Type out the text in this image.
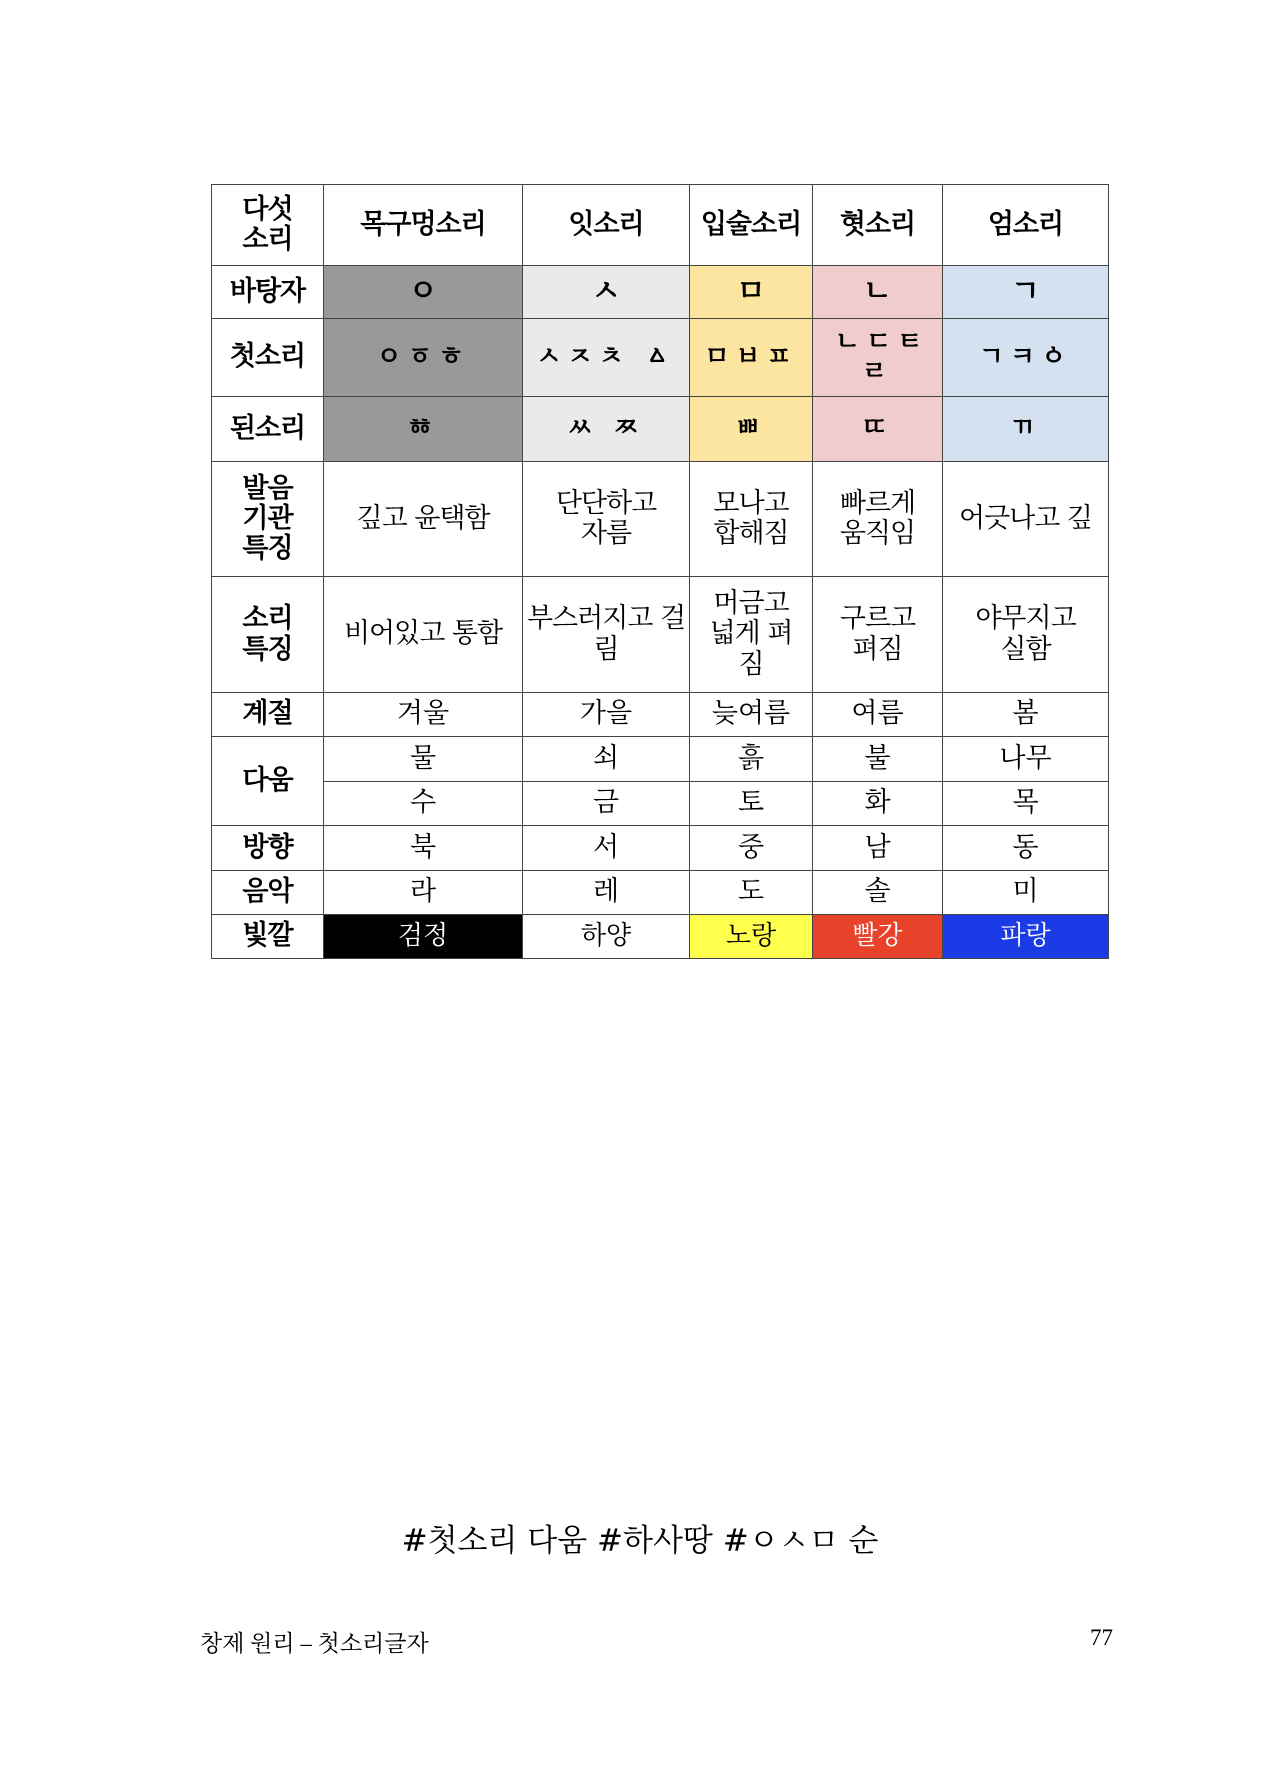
다섯
소리	목구멍소리	잇소리	입술소리	혓소리	엄소리
바탕자	ㅇ	ㅅ	ㅁ	ㄴ	ㄱ
첫소리	ㅇㆆㅎ	ㅅㅈㅊ ㅿ	ㅁㅂㅍ	ㄴㄷㅌ ㄹ	ㄱㅋㆁ
된소리	ㆅ	ㅆ ㅉ	ㅃ	ㄸ	ㄲ
발음
기관
특징	깊고 윤택함	단단하고 자름	모나고 합해짐	빠르게 움직임	어긋나고 깊
소리
특징	비어있고 통함	부스러지고 걸림	머금고 넓게 펴 짐	구르고 펴짐	야무지고 실함
계절	겨울	가을	늦여름	여름	봄
다움	물	쇠	흙	불	나무
	수	금	토	화	목
방향	북	서	중	남	동
음악	라	레	도	솔	미
빛깔	검정	하양	노랑	빨강	파랑
#첫소리 다움 #하사땅 #ㅇㅅㅁ 순
창제 원리 – 첫소리글자	77
